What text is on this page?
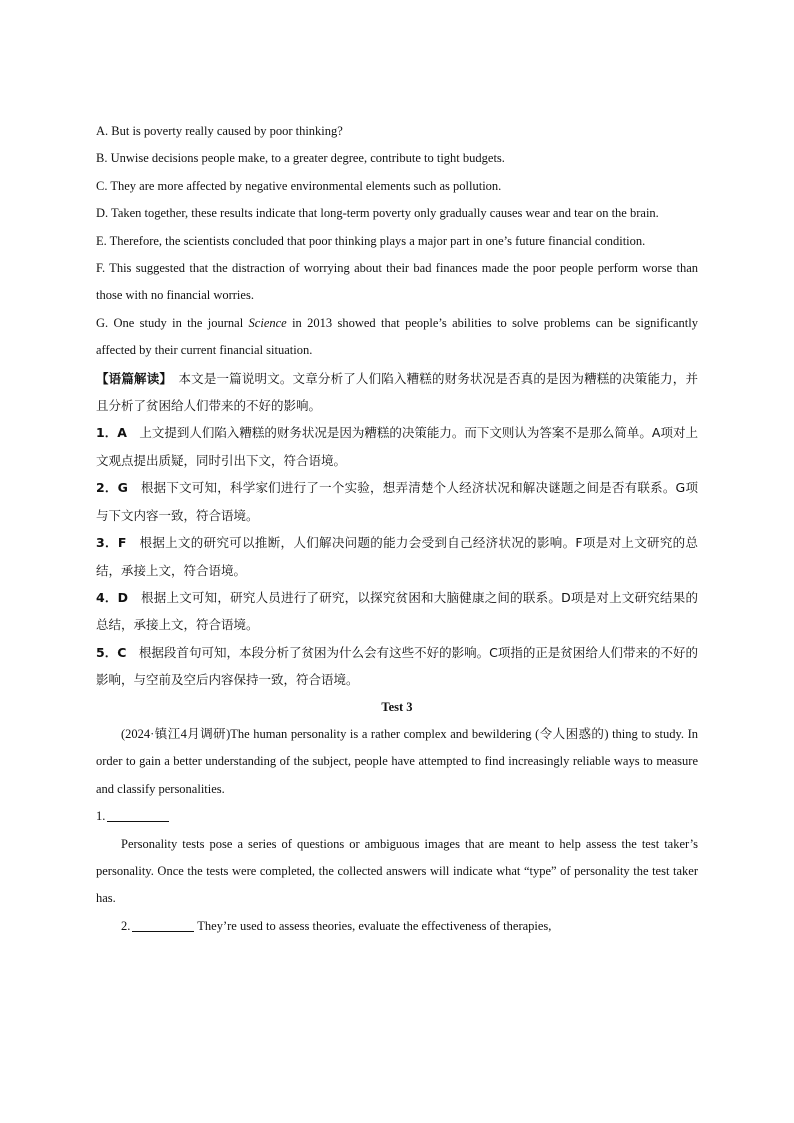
A. But is poverty really caused by poor thinking?

B. Unwise decisions people make, to a greater degree, contribute to tight budgets.

C. They are more affected by negative environmental elements such as pollution.

D. Taken together, these results indicate that long-term poverty only gradually causes wear and tear on the brain.

E. Therefore, the scientists concluded that poor thinking plays a major part in one’s future financial condition.

F. This suggested that the distraction of worrying about their bad finances made the poor people perform worse than those with no financial worries.

G. One study in the journal Science in 2013 showed that people’s abilities to solve problems can be significantly affected by their current financial situation.

【语篇解读】　本文是一篇说明文。文章分析了人们陷入糟糕的财务状况是否真的是因为糟糕的决策能力，并且分析了贫困给人们带来的不好的影响。

1．A　上文提到人们陷入糟糕的财务状况是因为糟糕的决策能力。而下文则认为答案不是那么简单。A项对上文观点提出质疑，同时引出下文，符合语境。

2．G　根据下文可知，科学家们进行了一个实验，想弄清楚个人经济状况和解决谜题之间是否有联系。G项与下文内容一致，符合语境。

3．F　根据上文的研究可以推断，人们解决问题的能力会受到自己经济状况的影响。F项是对上文研究的总结，承接上文，符合语境。

4．D　根据上文可知，研究人员进行了研究，以探究贫困和大脑健康之间的联系。D项是对上文研究结果的总结，承接上文，符合语境。

5．C　根据段首句可知，本段分析了贫困为什么会有这些不好的影响。C项指的正是贫困给人们带来的不好的影响，与空前及空后内容保持一致，符合语境。

Test 3

(2024·镇江4月调研)The human personality is a rather complex and bewildering (令人困惑的) thing to study. In order to gain a better understanding of the subject, people have attempted to find increasingly reliable ways to measure and classify personalities.

1.

Personality tests pose a series of questions or ambiguous images that are meant to help assess the test taker’s personality. Once the tests were completed, the collected answers will indicate what “type” of personality the test taker has.

2.	They’re used to assess theories, evaluate the effectiveness of therapies,
